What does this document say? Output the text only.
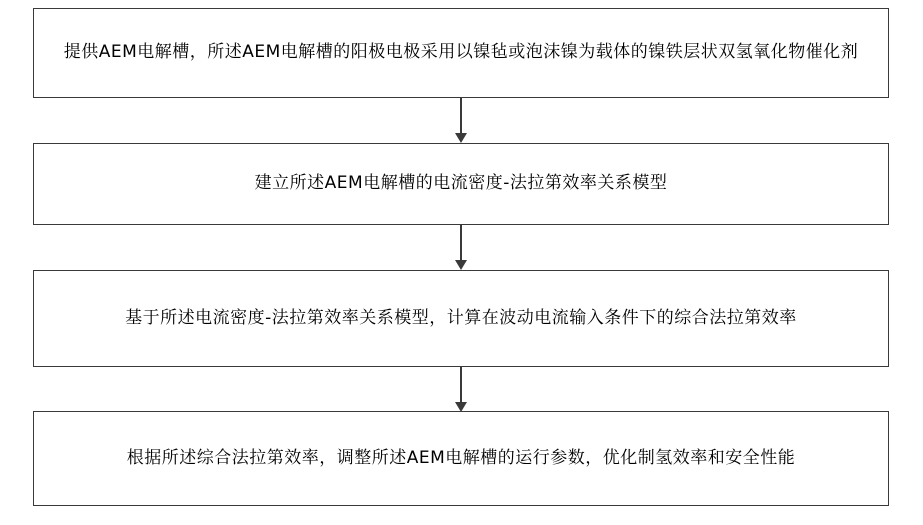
提供AEM电解槽，所述AEM电解槽的阳极电极采用以镍毡或泡沫镍为载体的镍铁层状双氢氧化物催化剂
建立所述AEM电解槽的电流密度-法拉第效率关系模型
基于所述电流密度-法拉第效率关系模型，计算在波动电流输入条件下的综合法拉第效率
根据所述综合法拉第效率，调整所述AEM电解槽的运行参数，优化制氢效率和安全性能
